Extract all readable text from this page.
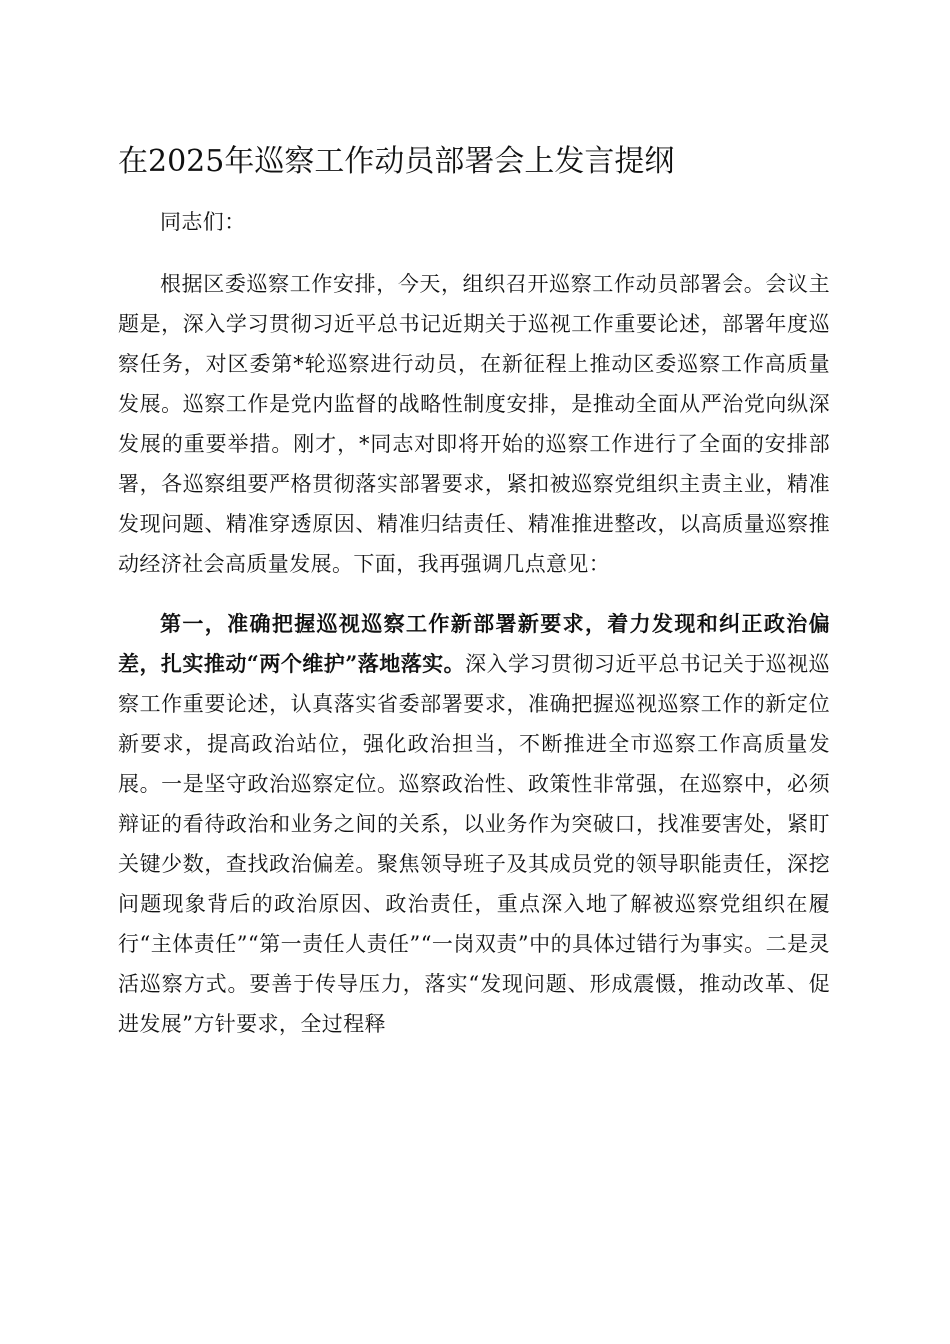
在2025年巡察工作动员部署会上发言提纲

同志们：

根据区委巡察工作安排，今天，组织召开巡察工作动员部署会。会议主题是，深入学习贯彻习近平总书记近期关于巡视工作重要论述，部署年度巡察任务，对区委第*轮巡察进行动员，在新征程上推动区委巡察工作高质量发展。巡察工作是党内监督的战略性制度安排，是推动全面从严治党向纵深发展的重要举措。刚才，*同志对即将开始的巡察工作进行了全面的安排部署，各巡察组要严格贯彻落实部署要求，紧扣被巡察党组织主责主业，精准发现问题、精准穿透原因、精准归结责任、精准推进整改，以高质量巡察推动经济社会高质量发展。下面，我再强调几点意见：

第一，准确把握巡视巡察工作新部署新要求，着力发现和纠正政治偏差，扎实推动“两个维护”落地落实。深入学习贯彻习近平总书记关于巡视巡察工作重要论述，认真落实省委部署要求，准确把握巡视巡察工作的新定位新要求，提高政治站位，强化政治担当，不断推进全市巡察工作高质量发展。一是坚守政治巡察定位。巡察政治性、政策性非常强，在巡察中，必须辩证的看待政治和业务之间的关系，以业务作为突破口，找准要害处，紧盯关键少数，查找政治偏差。聚焦领导班子及其成员党的领导职能责任，深挖问题现象背后的政治原因、政治责任，重点深入地了解被巡察党组织在履行“主体责任”“第一责任人责任”“一岗双责”中的具体过错行为事实。二是灵活巡察方式。要善于传导压力，落实“发现问题、形成震慑，推动改革、促进发展”方针要求，全过程释
